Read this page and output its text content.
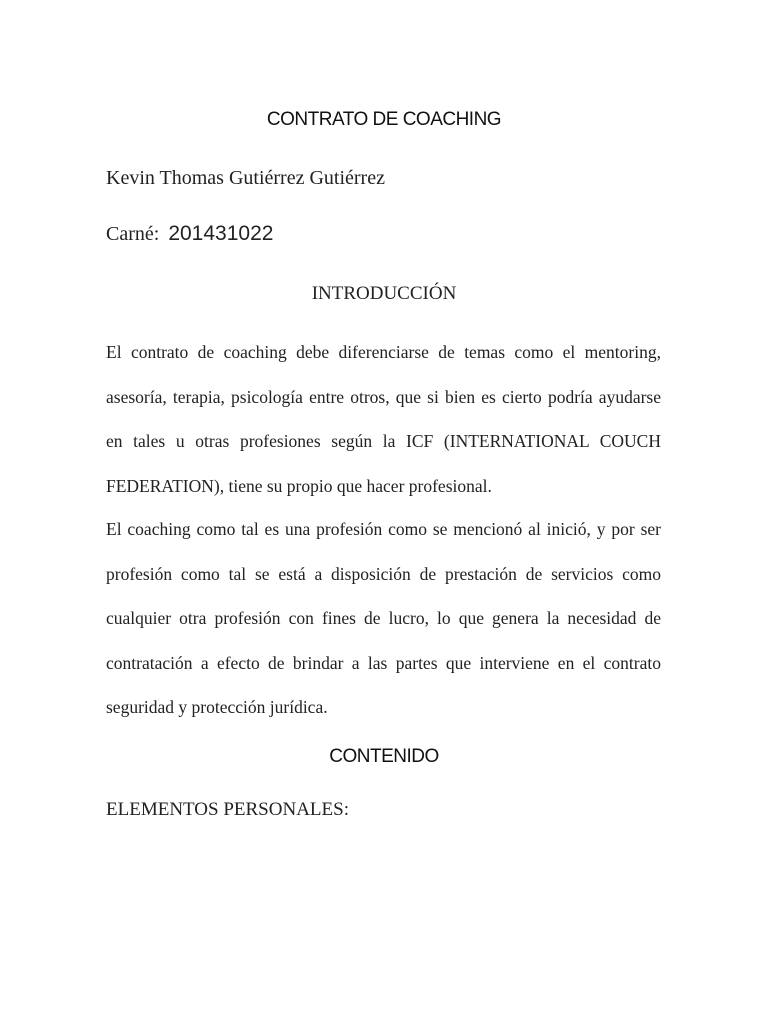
CONTRATO DE COACHING
Kevin Thomas Gutiérrez Gutiérrez
Carné: 201431022
INTRODUCCIÓN

El contrato de coaching debe diferenciarse de temas como el mentoring, asesoría, terapia, psicología entre otros, que si bien es cierto podría ayudarse en tales u otras profesiones según la ICF (INTERNATIONAL COUCH FEDERATION), tiene su propio que hacer profesional.

El coaching como tal es una profesión como se mencionó al inició, y por ser profesión como tal se está a disposición de prestación de servicios como cualquier otra profesión con fines de lucro, lo que genera la necesidad de contratación a efecto de brindar a las partes que interviene en el contrato seguridad y protección jurídica.

CONTENIDO
ELEMENTOS PERSONALES:
